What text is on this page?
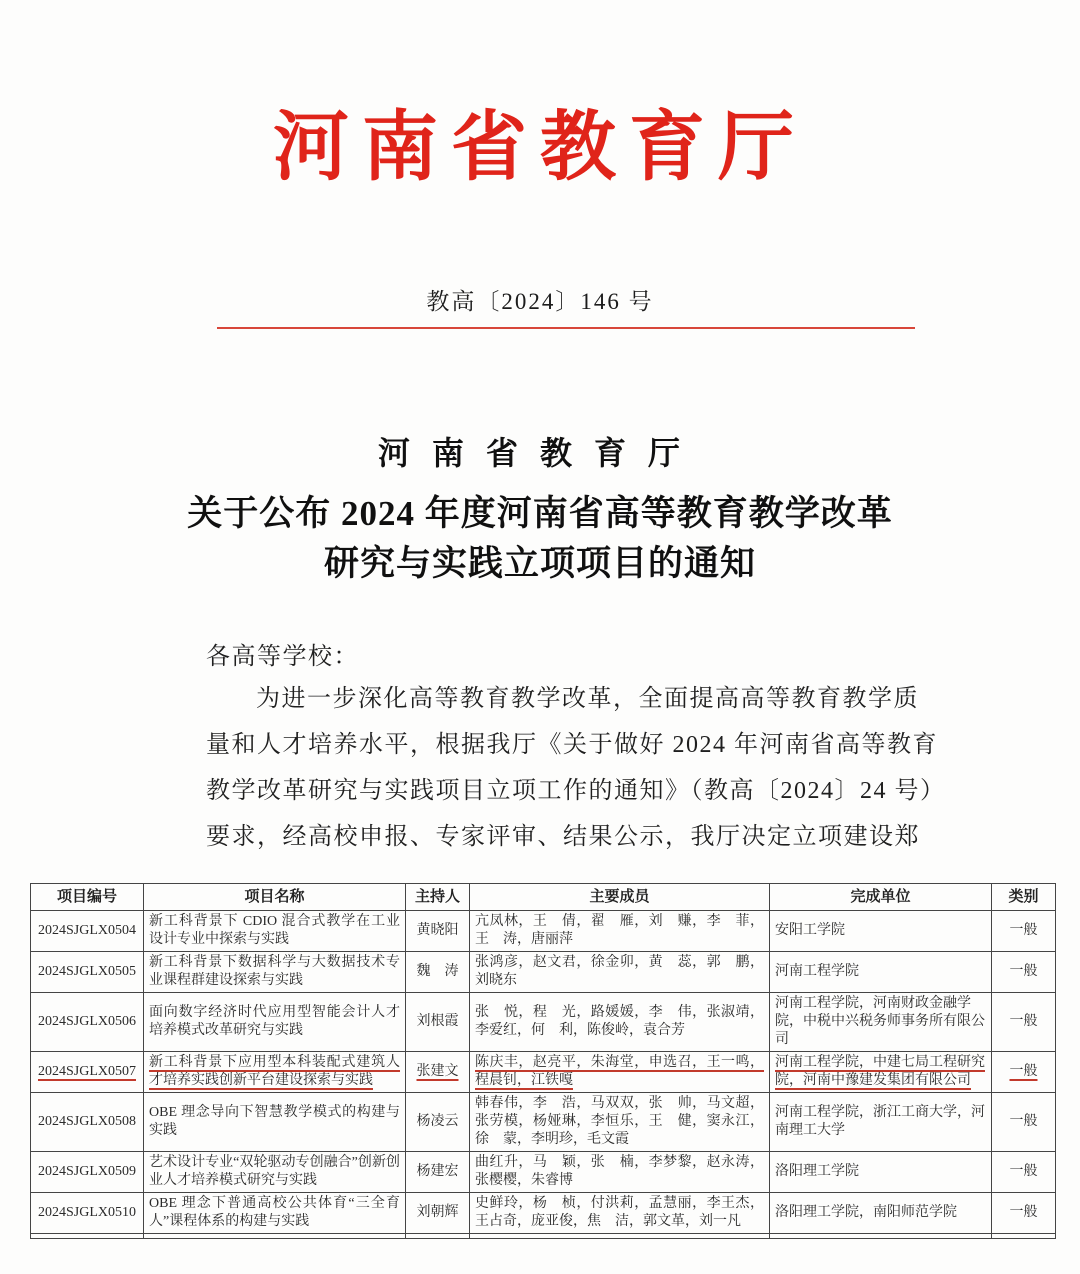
河南省教育厅
教高〔2024〕146 号
河南省教育厅
关于公布 2024 年度河南省高等教育教学改革
研究与实践立项项目的通知
各高等学校：
为进一步深化高等教育教学改革，全面提高高等教育教学质
量和人才培养水平，根据我厅《关于做好 2024 年河南省高等教育
教学改革研究与实践项目立项工作的通知》（教高〔2024〕24 号）
要求，经高校申报、专家评审、结果公示，我厅决定立项建设郑
项目编号	项目名称	主持人	主要成员	完成单位	类别
2024SJGLX0504	新工科背景下 CDIO 混合式教学在工业设计专业中探索与实践	黄晓阳	亢凤林，王　倩，翟　雁，刘　赚，李　菲，王　涛，唐丽萍	安阳工学院	一般
2024SJGLX0505	新工科背景下数据科学与大数据技术专业课程群建设探索与实践	魏　涛	张鸿彦，赵文君，徐金卯，黄　蕊，郭　鹏，刘晓东	河南工程学院	一般
2024SJGLX0506	面向数字经济时代应用型智能会计人才培养模式改革研究与实践	刘根霞	张　悦，程　光，路媛媛，李　伟，张淑靖，李爱红，何　利，陈俊岭，袁合芳	河南工程学院，河南财政金融学院，中税中兴税务师事务所有限公司	一般
2024SJGLX0507	新工科背景下应用型本科装配式建筑人才培养实践创新平台建设探索与实践	张建文	陈庆丰，赵亮平，朱海堂，申选召，王一鸣，程晨钊，江铁嘎	河南工程学院，中建七局工程研究院，河南中豫建发集团有限公司	一般
2024SJGLX0508	OBE 理念导向下智慧教学模式的构建与实践	杨凌云	韩春伟，李　浩，马双双，张　帅，马文超，张劳模，杨娅琳，李恒乐，王　健，窦永江，徐　蒙，李明珍，毛文霞	河南工程学院，浙江工商大学，河南理工大学	一般
2024SJGLX0509	艺术设计专业“双轮驱动专创融合”创新创业人才培养模式研究与实践	杨建宏	曲红升，马　颖，张　楠，李梦黎，赵永涛，张樱樱，朱睿博	洛阳理工学院	一般
2024SJGLX0510	OBE 理念下普通高校公共体育“三全育人”课程体系的构建与实践	刘朝辉	史鲜玲，杨　桢，付洪莉，孟慧丽，李王杰，王占奇，庞亚俊，焦　洁，郭文革，刘一凡	洛阳理工学院，南阳师范学院	一般
